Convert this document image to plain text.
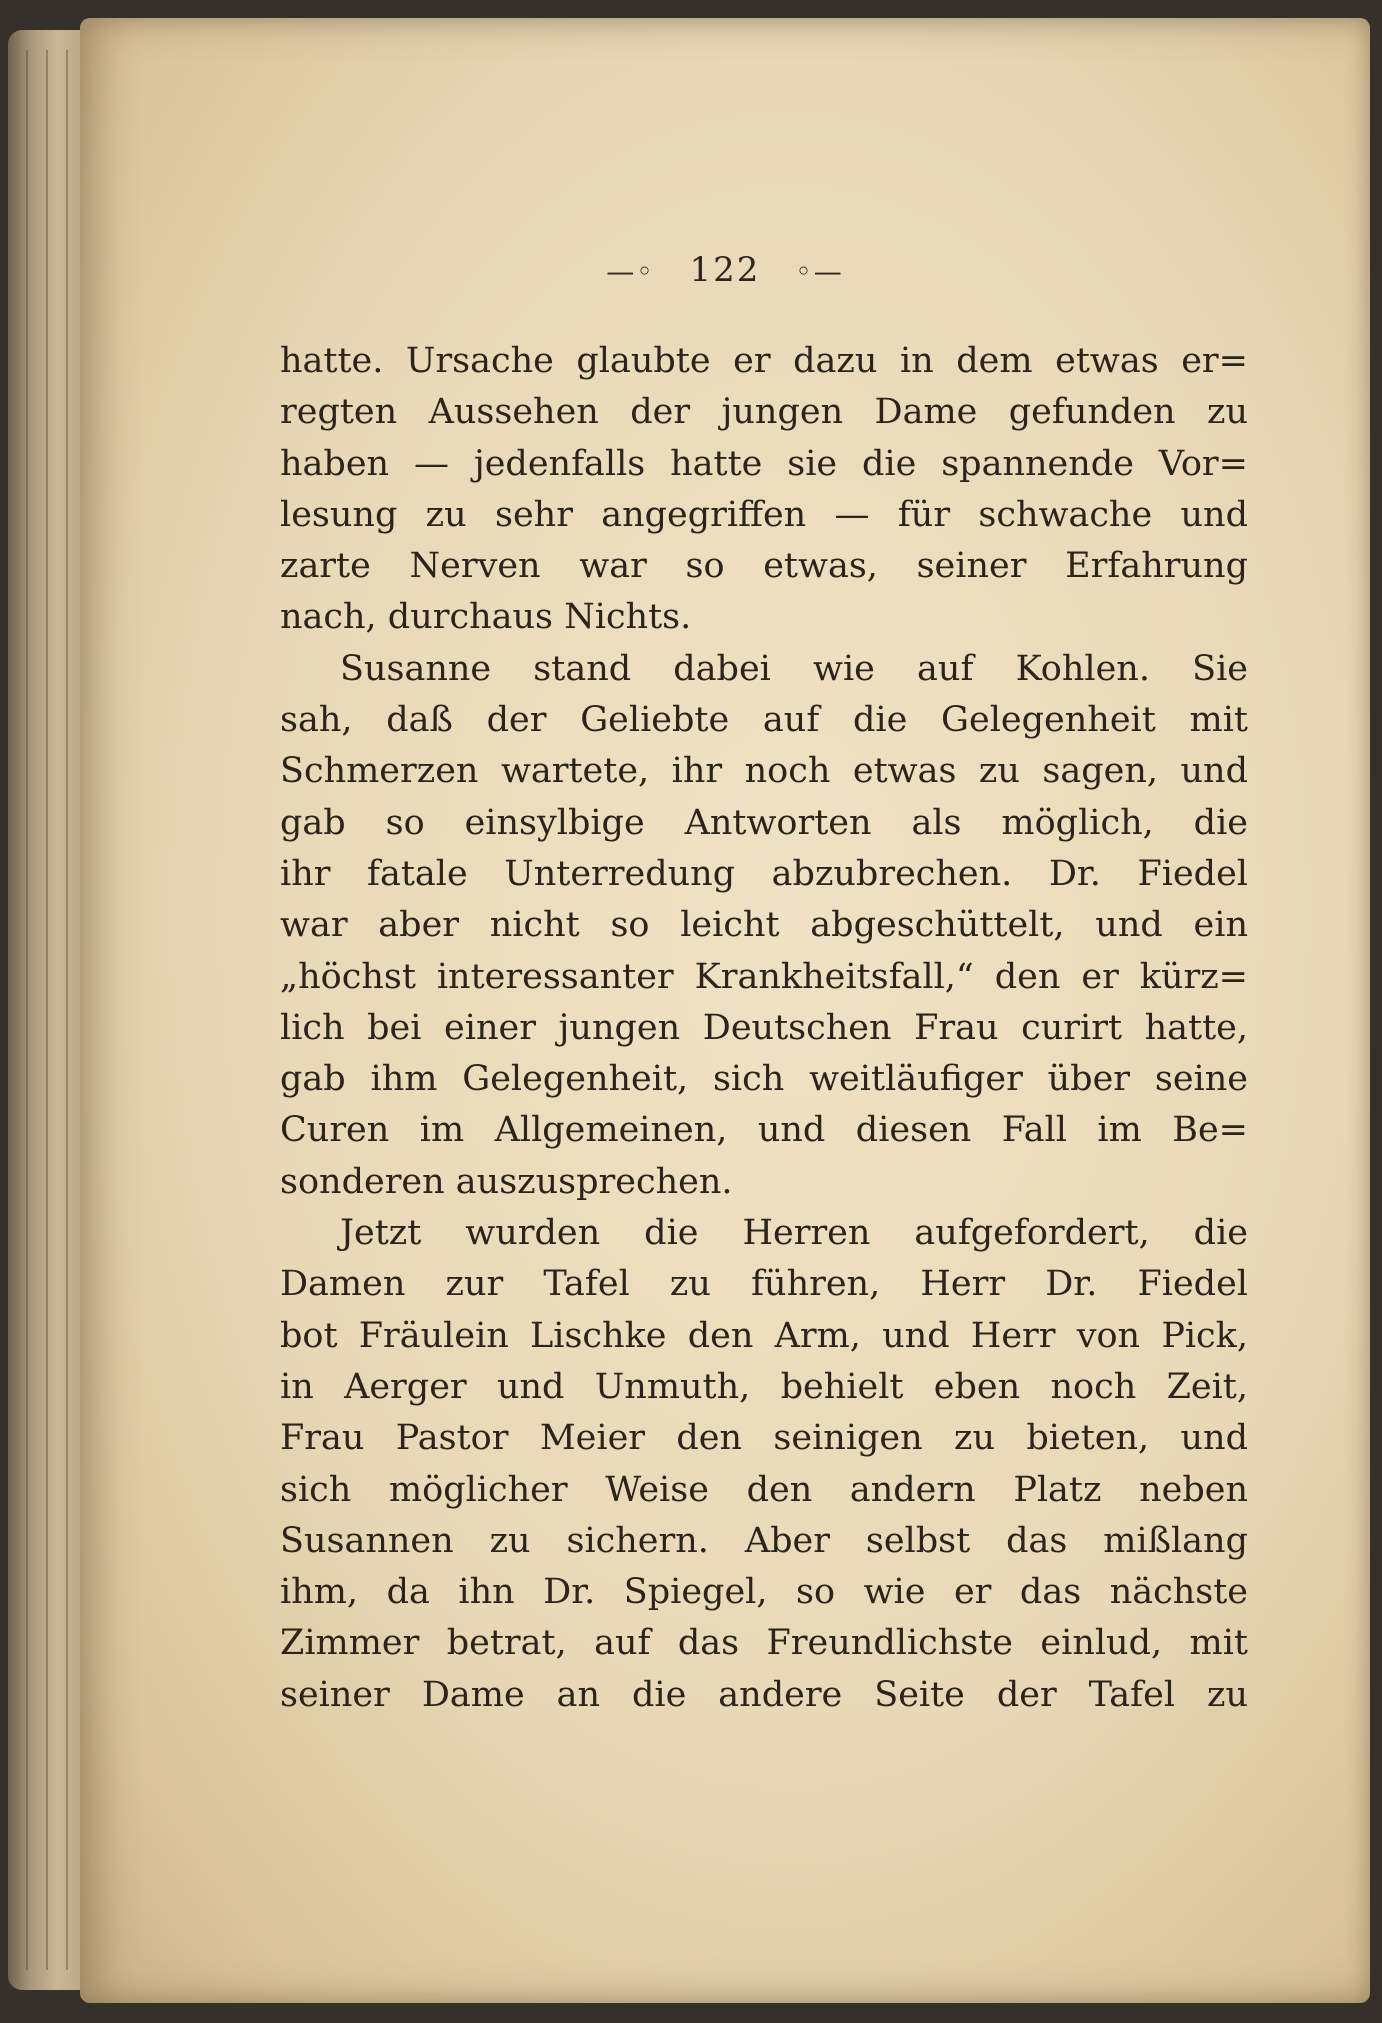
—◦ 122 ◦—
hatte. Ursache glaubte er dazu in dem etwas er=
regten Aussehen der jungen Dame gefunden zu
haben — jedenfalls hatte sie die spannende Vor=
lesung zu sehr angegriffen — für schwache und
zarte Nerven war so etwas, seiner Erfahrung
nach, durchaus Nichts.
Susanne stand dabei wie auf Kohlen. Sie
sah, daß der Geliebte auf die Gelegenheit mit
Schmerzen wartete, ihr noch etwas zu sagen, und
gab so einsylbige Antworten als möglich, die
ihr fatale Unterredung abzubrechen. Dr. Fiedel
war aber nicht so leicht abgeschüttelt, und ein
„höchst interessanter Krankheitsfall,“ den er kürz=
lich bei einer jungen Deutschen Frau curirt hatte,
gab ihm Gelegenheit, sich weitläufiger über seine
Curen im Allgemeinen, und diesen Fall im Be=
sonderen auszusprechen.
Jetzt wurden die Herren aufgefordert, die
Damen zur Tafel zu führen, Herr Dr. Fiedel
bot Fräulein Lischke den Arm, und Herr von Pick,
in Aerger und Unmuth, behielt eben noch Zeit,
Frau Pastor Meier den seinigen zu bieten, und
sich möglicher Weise den andern Platz neben
Susannen zu sichern. Aber selbst das mißlang
ihm, da ihn Dr. Spiegel, so wie er das nächste
Zimmer betrat, auf das Freundlichste einlud, mit
seiner Dame an die andere Seite der Tafel zu
